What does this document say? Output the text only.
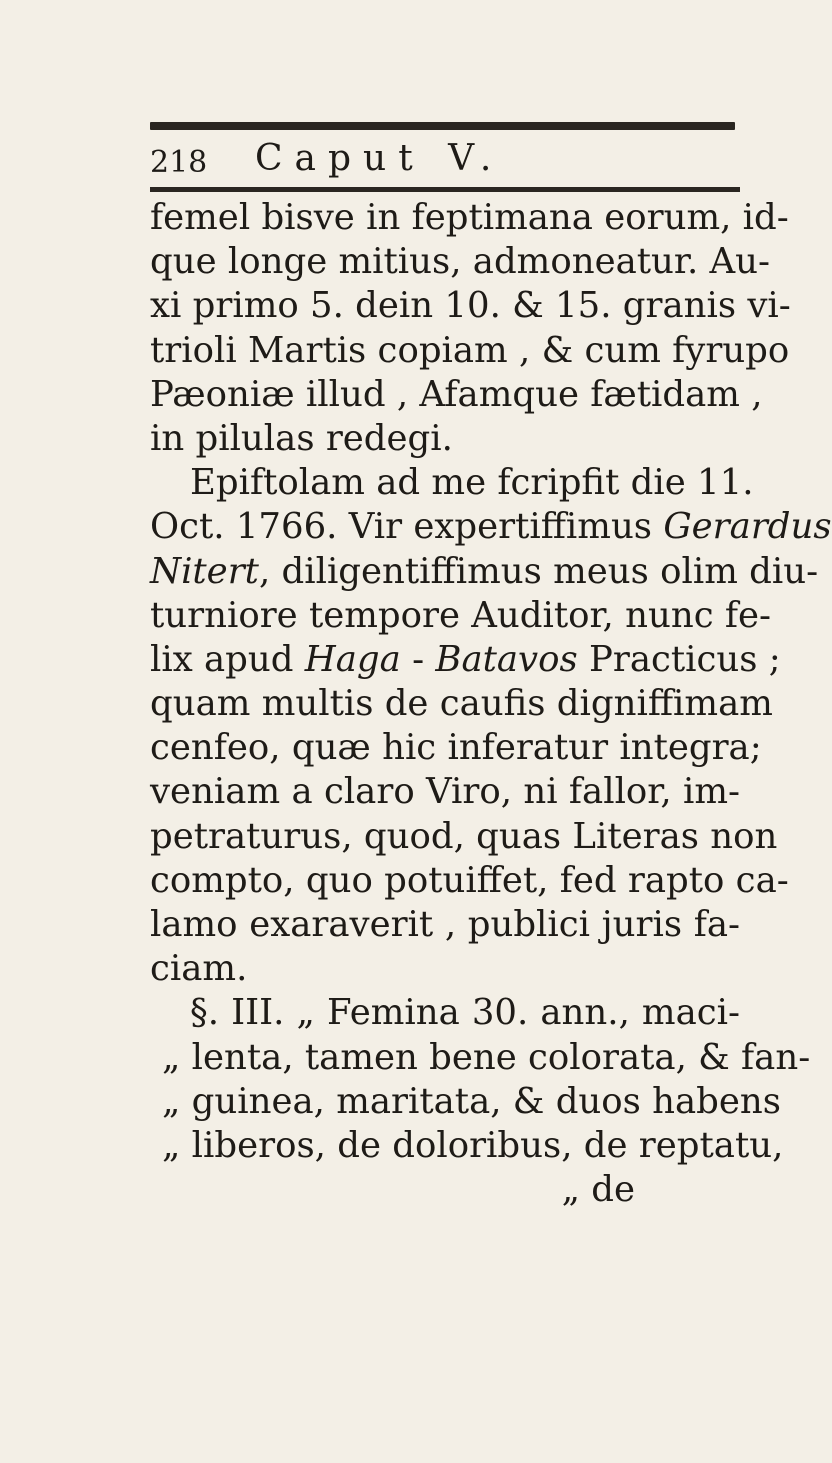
218 Caput V.
femel bisve in feptimana eorum, id-
que longe mitius, admoneatur. Au-
xi primo 5. dein 10. & 15. granis vi-
trioli Martis copiam , & cum fyrupo
Pæoniæ illud , Afamque fætidam ,
in pilulas redegi.
Epiftolam ad me fcripfit die 11.
Oct. 1766. Vir expertiffimus Gerardus
Nitert, diligentiffimus meus olim diu-
turniore tempore Auditor, nunc fe-
lix apud Haga - Batavos Practicus ;
quam multis de caufis digniffimam
cenfeo, quæ hic inferatur integra;
veniam a claro Viro, ni fallor, im-
petraturus, quod, quas Literas non
compto, quo potuiffet, fed rapto ca-
lamo exaraverit , publici juris fa-
ciam.
§. III. „ Femina 30. ann., maci-
„ lenta, tamen bene colorata, & fan-
„ guinea, maritata, & duos habens
„ liberos, de doloribus, de reptatu,
„ de
